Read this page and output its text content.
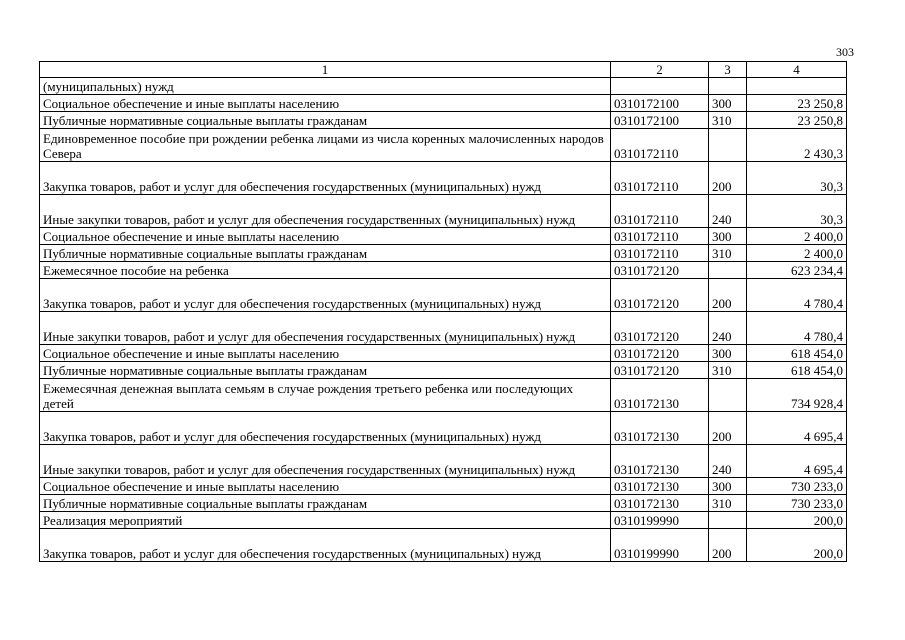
303
1	2	3	4
(муниципальных) нужд			
Социальное обеспечение и иные выплаты населению	0310172100	300	23 250,8
Публичные нормативные социальные выплаты гражданам	0310172100	310	23 250,8
Единовременное пособие при рождении ребенка лицами из числа коренных малочисленных народов Севера	0310172110		2 430,3
Закупка товаров, работ и услуг для обеспечения государственных (муниципальных) нужд	0310172110	200	30,3
Иные закупки товаров, работ и услуг для обеспечения государственных (муниципальных) нужд	0310172110	240	30,3
Социальное обеспечение и иные выплаты населению	0310172110	300	2 400,0
Публичные нормативные социальные выплаты гражданам	0310172110	310	2 400,0
Ежемесячное пособие на ребенка	0310172120		623 234,4
Закупка товаров, работ и услуг для обеспечения государственных (муниципальных) нужд	0310172120	200	4 780,4
Иные закупки товаров, работ и услуг для обеспечения государственных (муниципальных) нужд	0310172120	240	4 780,4
Социальное обеспечение и иные выплаты населению	0310172120	300	618 454,0
Публичные нормативные социальные выплаты гражданам	0310172120	310	618 454,0
Ежемесячная денежная выплата семьям в случае рождения третьего ребенка или последующих детей	0310172130		734 928,4
Закупка товаров, работ и услуг для обеспечения государственных (муниципальных) нужд	0310172130	200	4 695,4
Иные закупки товаров, работ и услуг для обеспечения государственных (муниципальных) нужд	0310172130	240	4 695,4
Социальное обеспечение и иные выплаты населению	0310172130	300	730 233,0
Публичные нормативные социальные выплаты гражданам	0310172130	310	730 233,0
Реализация мероприятий	0310199990		200,0
Закупка товаров, работ и услуг для обеспечения государственных (муниципальных) нужд	0310199990	200	200,0
